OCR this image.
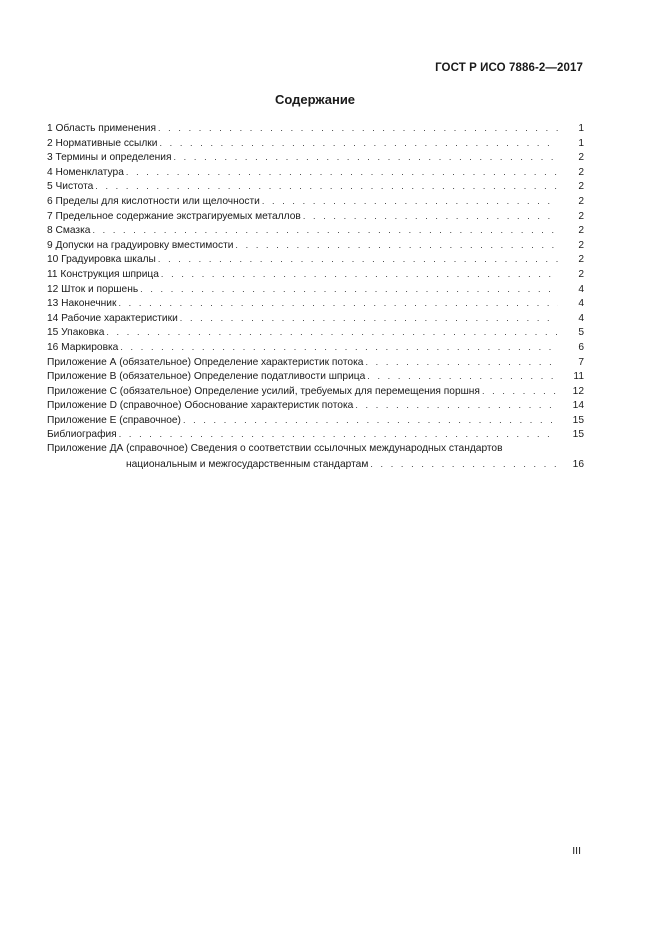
ГОСТ Р ИСО 7886-2—2017
Содержание
1 Область применения . . .	1
2 Нормативные ссылки . . .	1
3 Термины и определения . . .	2
4 Номенклатура . . .	2
5 Чистота . . .	2
6 Пределы для кислотности или щелочности . . .	2
7 Предельное содержание экстрагируемых металлов . . .	2
8 Смазка . . .	2
9 Допуски на градуировку вместимости . . .	2
10 Градуировка шкалы . . .	2
11 Конструкция шприца . . .	2
12 Шток и поршень . . .	4
13 Наконечник . . .	4
14 Рабочие характеристики . . .	4
15 Упаковка . . .	5
16 Маркировка . . .	6
Приложение А (обязательное) Определение характеристик потока . . .	7
Приложение В (обязательное) Определение податливости шприца . . .	11
Приложение С (обязательное) Определение усилий, требуемых для перемещения поршня . . .	12
Приложение D (справочное) Обоснование характеристик потока . . .	14
Приложение Е (справочное) . . .	15
Библиография . . .	15
Приложение ДА (справочное) Сведения о соответствии ссылочных международных стандартов
национальным и межгосударственным стандартам . . .	16
III
